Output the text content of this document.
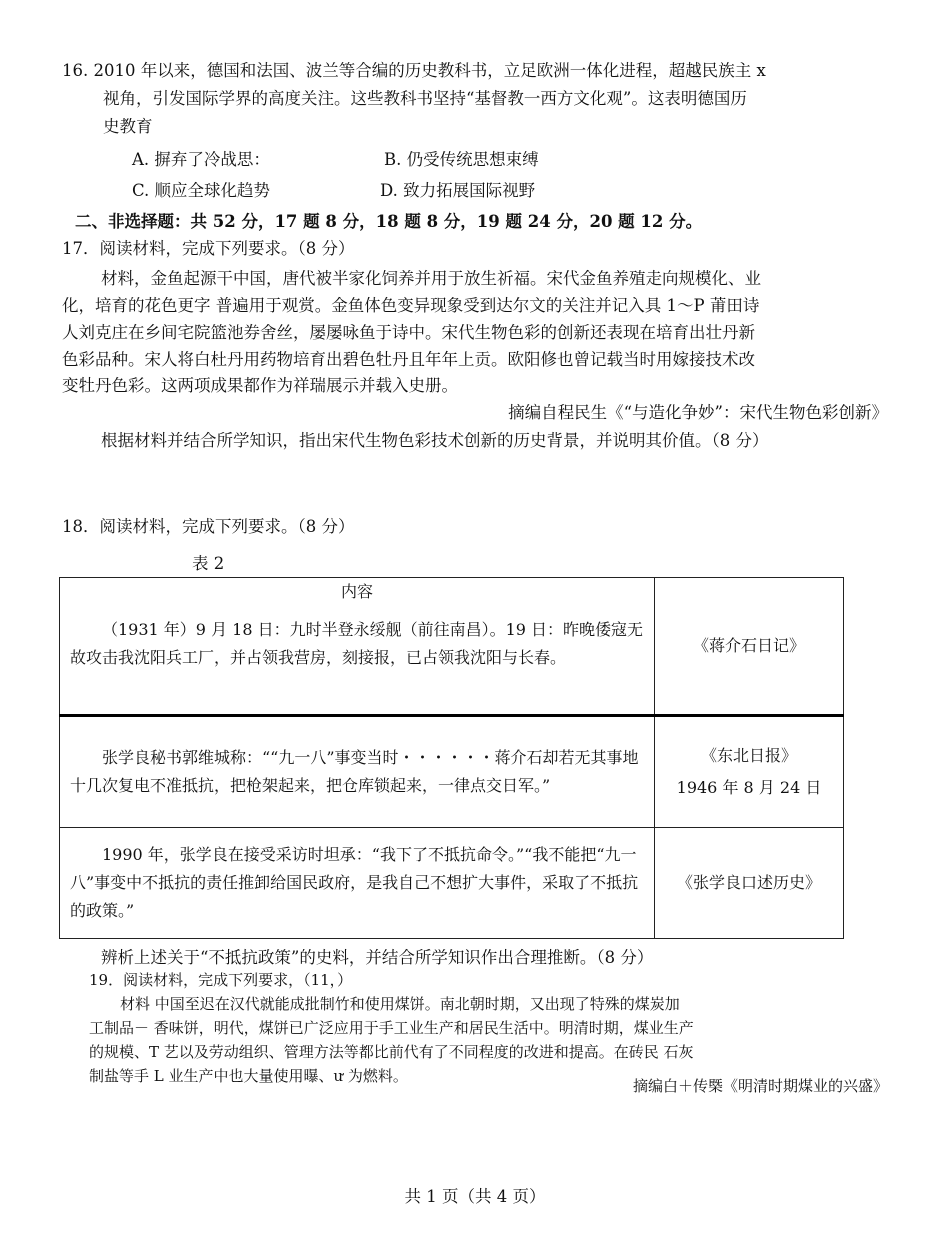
16. 2010 年以来，德国和法国、波兰等合编的历史教科书，立足欧洲一体化进程，超越民族主 x
视角，引发国际学界的高度关注。这些教科书坚持“基督教一西方文化观”。这表明德国历
史教育
A. 摒弃了冷战思：	B. 仍受传统思想束缚
C. 顺应全球化趋势	D. 致力拓展国际视野
二、非选择题：共 52 分，17 题 8 分，18 题 8 分，19 题 24 分，20 题 12 分。
17．阅读材料，完成下列要求。（8 分）
材料，金鱼起源干中国，唐代被半家化饲养并用于放生祈福。宋代金鱼养殖走向规模化、业
化，培育的花色更字 普遍用于观赏。金鱼体色变异现象受到达尔文的关注并记入具 1～P 莆田诗
人刘克庄在乡间宅院篮池券舍丝，屡屡咏鱼于诗中。宋代生物色彩的创新还表现在培育出壮丹新
色彩品种。宋人将白杜丹用药物培育出碧色牡丹且年年上贡。欧阳修也曾记载当时用嫁接技术改
变牡丹色彩。这两项成果都作为祥瑞展示并载入史册。
摘编自程民生《“与造化争妙”：宋代生物色彩创新》
根据材料并结合所学知识，指出宋代生物色彩技术创新的历史背景，并说明其价值。（8 分）
18．阅读材料，完成下列要求。（8 分）
表 2
内容
（1931 年）9 月 18 日：九时半登永绥舰（前往南昌）。19 日：昨晚倭寇无故攻击我沈阳兵工厂，并占领我营房，刻接报，已占领我沈阳与长春。	《蒋介石日记》

张学良秘书郭维城称：““九一八”事变当时・・・・・・蒋介石却若无其事地十几次复电不准抵抗，把枪架起来，把仓库锁起来，一律点交日军。”	《东北日报》
1946 年 8 月 24 日

1990 年，张学良在接受采访时坦承：“我下了不抵抗命令。”“我不能把“九一八”事变中不抵抗的责任推卸给国民政府，是我自己不想扩大事件，采取了不抵抗的政策。”	《张学良口述历史》
辨析上述关于“不抵抗政策”的史料，并结合所学知识作出合理推断。（8 分）
19．阅读材料，完成下列要求，（11，）
材料 中国至迟在汉代就能成批制竹和使用煤饼。南北朝时期，又出现了特殊的煤炭加
工制品－ 香味饼，明代，煤饼已广泛应用于手工业生产和居民生活中。明清时期，煤业生产
的规模、T 艺以及劳动组织、管理方法等都比前代有了不同程度的改进和提高。在砖民 石灰
制盐等手 L 业生产中也大量使用曝、ư 为燃料。
摘编白＋传槩《明清时期煤业的兴盛》
共 1 页（共 4 页）
